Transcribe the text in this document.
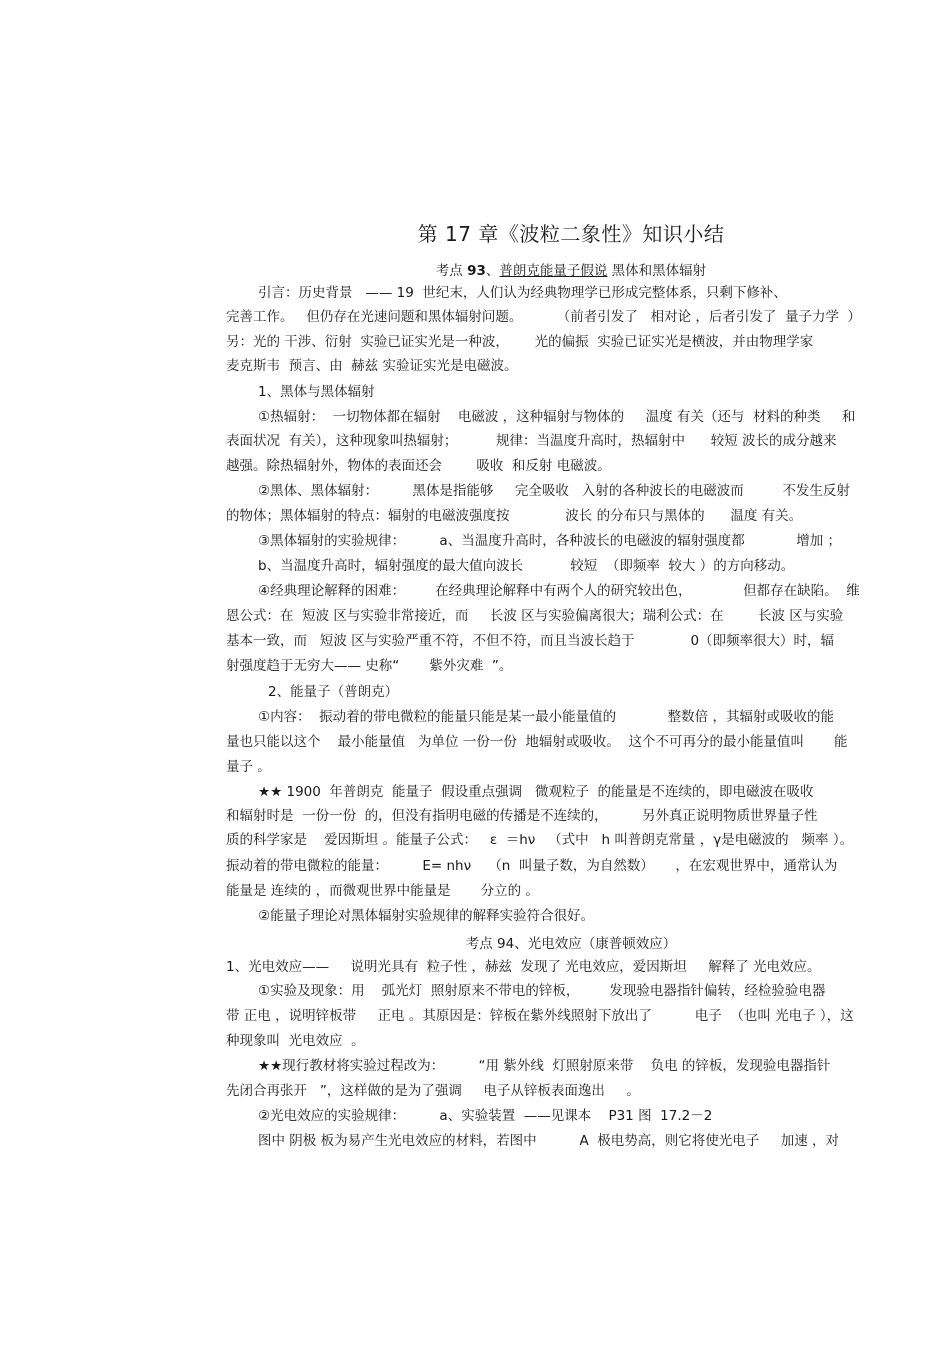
第 17 章《波粒二象性》知识小结
考点 93、普朗克能量子假说 黑体和黑体辐射
引言：历史背景   —— 19  世纪末，人们认为经典物理学已形成完整体系，只剩下修补、
完善工作。   但仍存在光速问题和黑体辐射问题。        （前者引发了   相对论 ，后者引发了  量子力学  ）
另：光的 干涉、衍射  实验已证实光是一种波，      光的偏振  实验已证实光是横波，并由物理学家
麦克斯韦  预言、由  赫兹 实验证实光是电磁波。
1、黑体与黑体辐射
①热辐射：  一切物体都在辐射    电磁波 ，这种辐射与物体的     温度 有关（还与  材料的种类     和
表面状况  有关），这种现象叫热辐射；         规律：当温度升高时，热辐射中      较短 波长的成分越来
越强。除热辐射外，物体的表面还会        吸收  和反射 电磁波。
②黑体、黑体辐射：        黑体是指能够     完全吸收   入射的各种波长的电磁波而         不发生反射
的物体；黑体辐射的特点：辐射的电磁波强度按             波长 的分布只与黑体的      温度 有关。
③黑体辐射的实验规律：        a、当温度升高时，各种波长的电磁波的辐射强度都            增加 ；
b、当温度升高时，辐射强度的最大值向波长           较短  （即频率  较大 ）的方向移动。
④经典理论解释的困难：       在经典理论解释中有两个人的研究较出色，            但都存在缺陷。  维
恩公式：在  短波 区与实验非常接近，而     长波 区与实验偏离很大；瑞利公式：在        长波 区与实验
基本一致，而   短波 区与实验严重不符，不但不符，而且当波长趋于             0（即频率很大）时，辐
射强度趋于无穷大—— 史称“       紫外灾难  ”。
2、能量子（普朗克）
①内容：  振动着的带电微粒的能量只能是某一最小能量值的            整数倍 ，其辐射或吸收的能
量也只能以这个    最小能量值   为单位 一份一份  地辐射或吸收。  这个不可再分的最小能量值叫       能
量子 。
★★ 1900  年普朗克  能量子  假设重点强调   微观粒子  的能量是不连续的，即电磁波在吸收
和辐射时是  一份一份  的，但没有指明电磁的传播是不连续的，        另外真正说明物质世界量子性
质的科学家是    爱因斯坦 。能量子公式：   ε  ＝hν   （式中   h 叫普朗克常量 ，γ是电磁波的   频率 ）。
振动着的带电微粒的能量：        E= nhν    （n  叫量子数，为自然数）     ，在宏观世界中，通常认为
能量是 连续的 ，而微观世界中能量是       分立的 。
②能量子理论对黑体辐射实验规律的解释实验符合很好。
考点 94、光电效应（康普顿效应）
1、光电效应——     说明光具有  粒子性 ，赫兹  发现了 光电效应，爱因斯坦     解释了 光电效应。
①实验及现象：用    弧光灯  照射原来不带电的锌板，       发现验电器指针偏转，经检验验电器
带 正电 ，说明锌板带     正电 。其原因是：锌板在紫外线照射下放出了          电子  （也叫 光电子 ），这
种现象叫  光电效应  。
★★现行教材将实验过程改为：        “用 紫外线  灯照射原来带    负电 的锌板，发现验电器指针
先闭合再张开   ”，这样做的是为了强调     电子从锌板表面逸出     。
②光电效应的实验规律：        a、实验装置  ——见课本    P31 图  17.2－2
图中 阴极 板为易产生光电效应的材料，若图中          A  极电势高，则它将使光电子     加速 ，对
